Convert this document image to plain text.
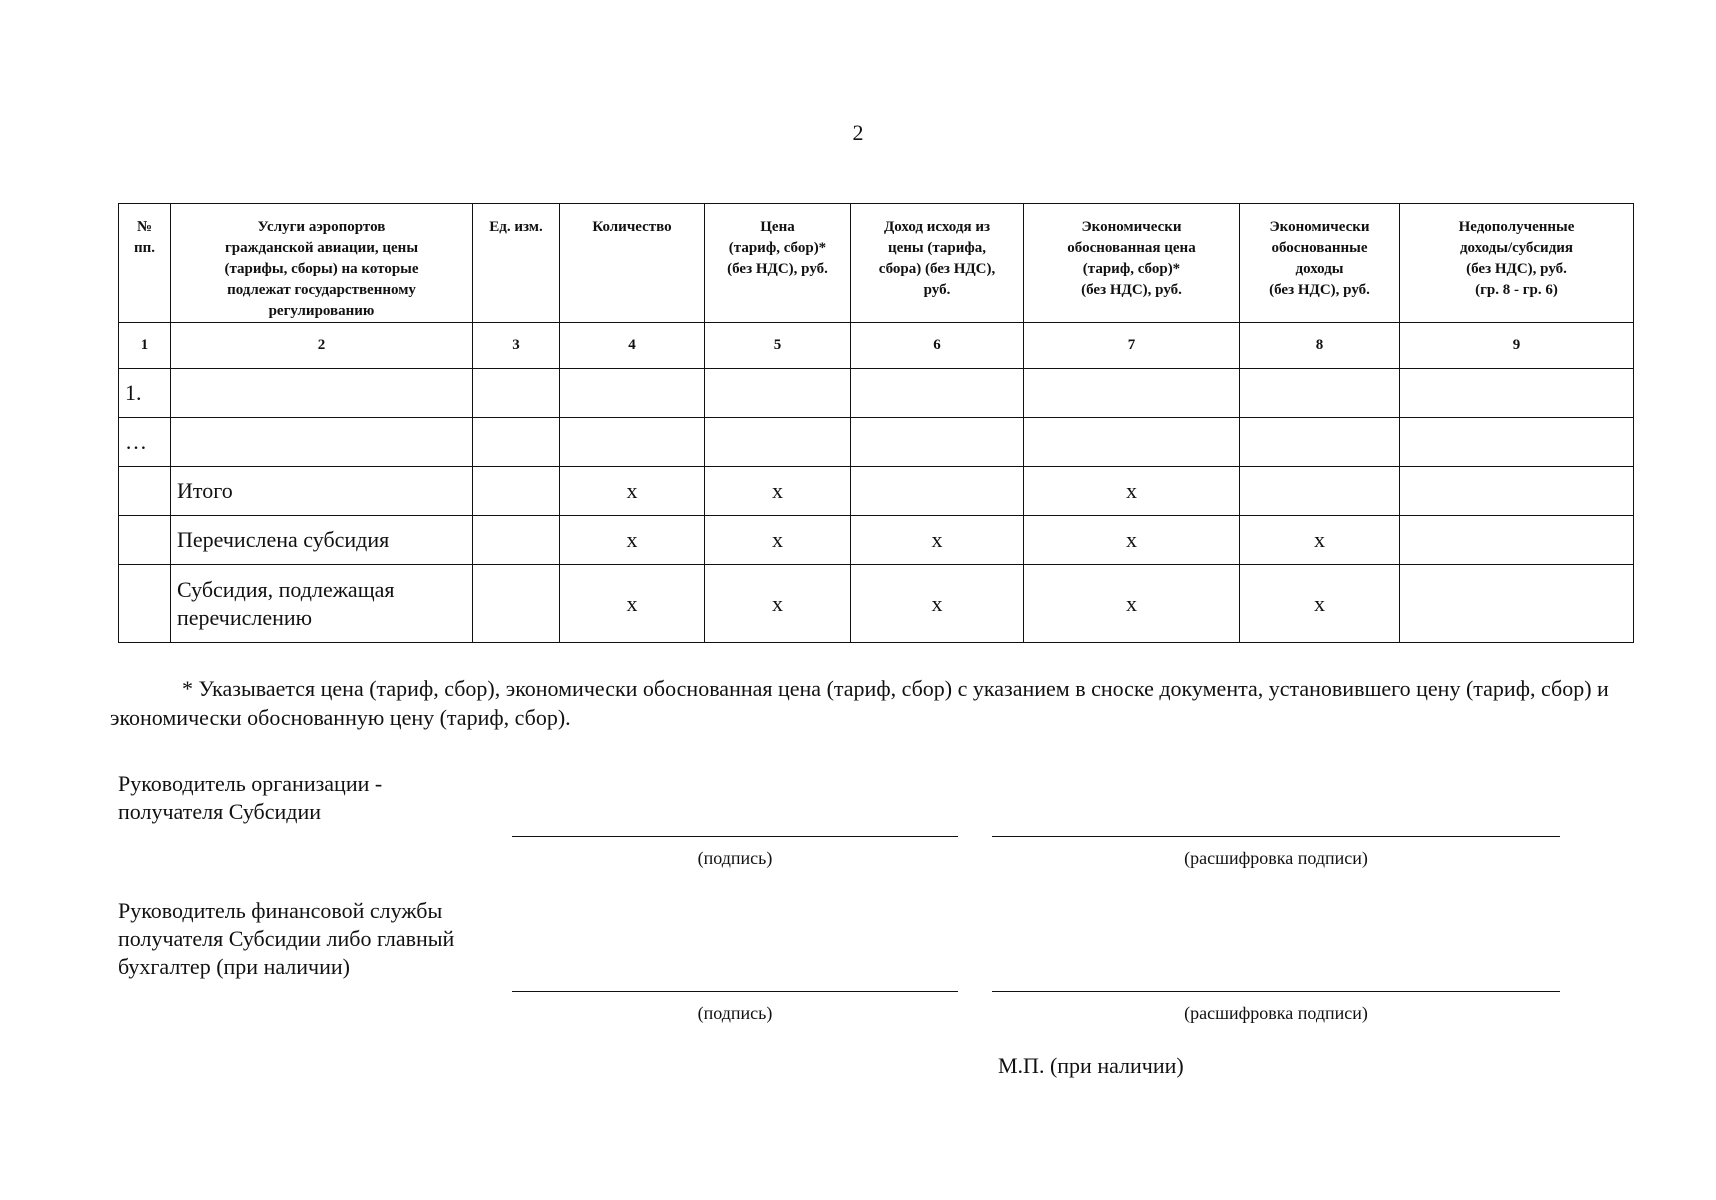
2
№
пп.	Услуги аэропортов
гражданской авиации, цены
(тарифы, сборы) на которые
подлежат государственному
регулированию	Ед. изм.	Количество	Цена
(тариф, сбор)*
(без НДС), руб.	Доход исходя из
цены (тарифа,
сбора) (без НДС),
руб.	Экономически
обоснованная цена
(тариф, сбор)*
(без НДС), руб.	Экономически
обоснованные
доходы
(без НДС), руб.	Недополученные
доходы/субсидия
(без НДС), руб.
(гр. 8 - гр. 6)
1	2	3	4	5	6	7	8	9
1.								
…								
	Итого		x	x		x		
	Перечислена субсидия		x	x	x	x	x	
	Субсидия, подлежащая
перечислению		x	x	x	x	x	
* Указывается цена (тариф, сбор), экономически обоснованная цена (тариф, сбор) с указанием в сноске документа, установившего цену (тариф, сбор) и экономически обоснованную цену (тариф, сбор).
Руководитель организации -
получателя Субсидии
(подпись)	(расшифровка подписи)
Руководитель финансовой службы
получателя Субсидии либо главный
бухгалтер (при наличии)
(подпись)	(расшифровка подписи)
М.П. (при наличии)
